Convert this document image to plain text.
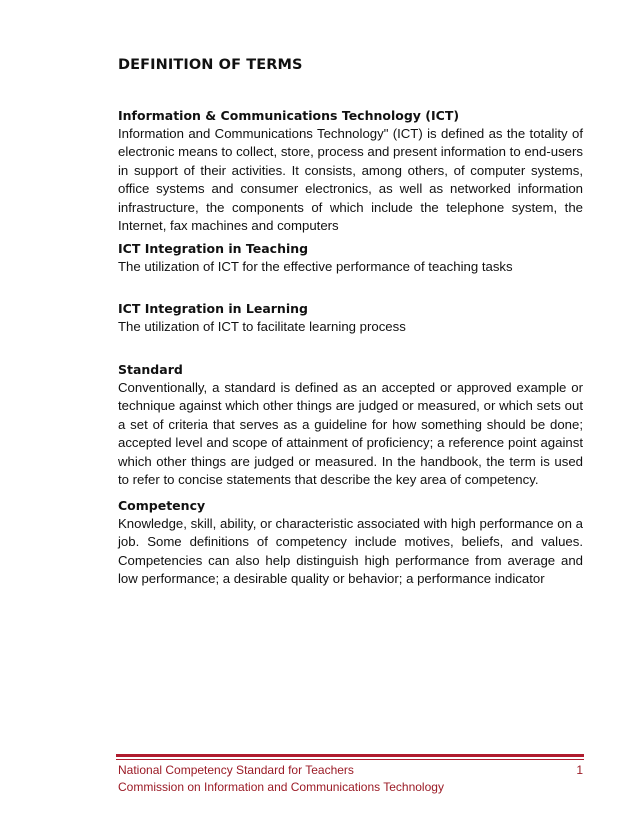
DEFINITION OF TERMS
Information & Communications Technology (ICT)

Information and Communications Technology" (ICT) is defined as the totality of electronic means to collect, store, process and present information to end-users in support of their activities. It consists, among others, of computer systems, office systems and consumer electronics, as well as networked information infrastructure, the components of which include the telephone system, the Internet, fax machines and computers

ICT Integration in Teaching

The utilization of ICT for the effective performance of teaching tasks

ICT Integration in Learning

The utilization of ICT to facilitate learning process

Standard

Conventionally, a standard is defined as an accepted or approved example or technique against which other things are judged or measured, or which sets out a set of criteria that serves as a guideline for how something should be done; accepted level and scope of attainment of proficiency; a reference point against which other things are judged or measured. In the handbook, the term is used to refer to concise statements that describe the key area of competency.

Competency

Knowledge, skill, ability, or characteristic associated with high performance on a job. Some definitions of competency include motives, beliefs, and values. Competencies can also help distinguish high performance from average and low performance; a desirable quality or behavior; a performance indicator

National Competency Standard for Teachers	1
Commission on Information and Communications Technology
